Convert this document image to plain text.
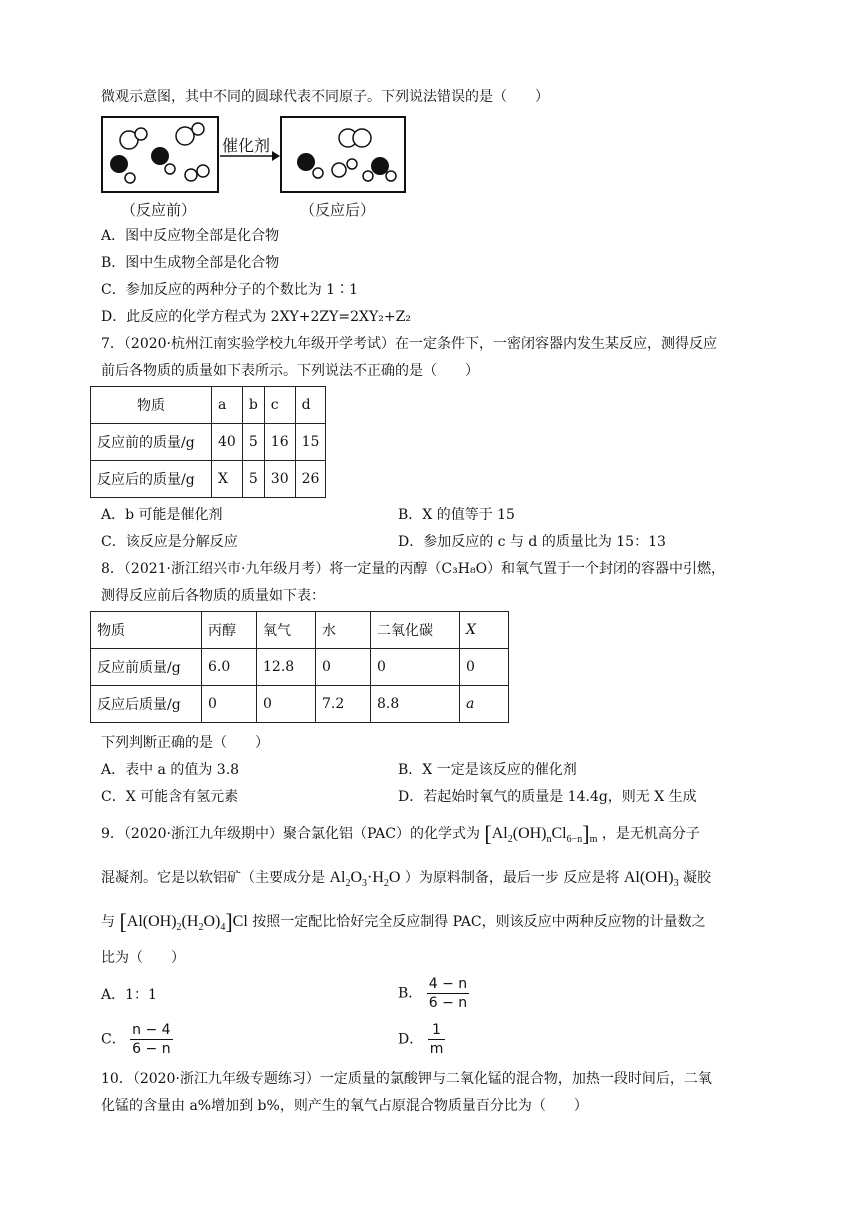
微观示意图，其中不同的圆球代表不同原子。下列说法错误的是（　　）
催化剂
（反应前）	（反应后）
A．图中反应物全部是化合物
B．图中生成物全部是化合物
C．参加反应的两种分子的个数比为 1∶1
D．此反应的化学方程式为 2XY+2ZY=2XY₂+Z₂
7．（2020·杭州江南实验学校九年级开学考试）在一定条件下，一密闭容器内发生某反应，测得反应
前后各物质的质量如下表所示。下列说法不正确的是（　　）
物质	a	b	c	d
反应前的质量/g	40	5	16	15
反应后的质量/g	X	5	30	26
A．b 可能是催化剂	B．X 的值等于 15
C．该反应是分解反应	D．参加反应的 c 与 d 的质量比为 15：13
8．（2021·浙江绍兴市·九年级月考）将一定量的丙醇（C₃H₈O）和氧气置于一个封闭的容器中引燃，
测得反应前后各物质的质量如下表：
物质	丙醇	氧气	水	二氧化碳	X
反应前质量/g	6.0	12.8	0	0	0
反应后质量/g	0	0	7.2	8.8	a
下列判断正确的是（　　）
A．表中 a 的值为 3.8	B．X 一定是该反应的催化剂
C．X 可能含有氢元素	D．若起始时氧气的质量是 14.4g，则无 X 生成
9．（2020·浙江九年级期中）聚合氯化铝（PAC）的化学式为 $[Al_2(OH)_nCl_{6-n}]_m$ ，是无机高分子
混凝剂。它是以软铝矿（主要成分是 $Al_2O_3\cdot H_2O$ ）为原料制备，最后一步 反应是将 $Al(OH)_3$ 凝胶
与 $[Al(OH)_2(H_2O)_4]Cl$ 按照一定配比恰好完全反应制得 PAC，则该反应中两种反应物的计量数之
比为（　　）
A．1：1	B． $\frac{4 - n}{6 - n}$
C． $\frac{n - 4}{6 - n}$	D． $\frac{1}{m}$
10．（2020·浙江九年级专题练习）一定质量的氯酸钾与二氧化锰的混合物，加热一段时间后，二氧
化锰的含量由 a%增加到 b%，则产生的氧气占原混合物质量百分比为（　　）
